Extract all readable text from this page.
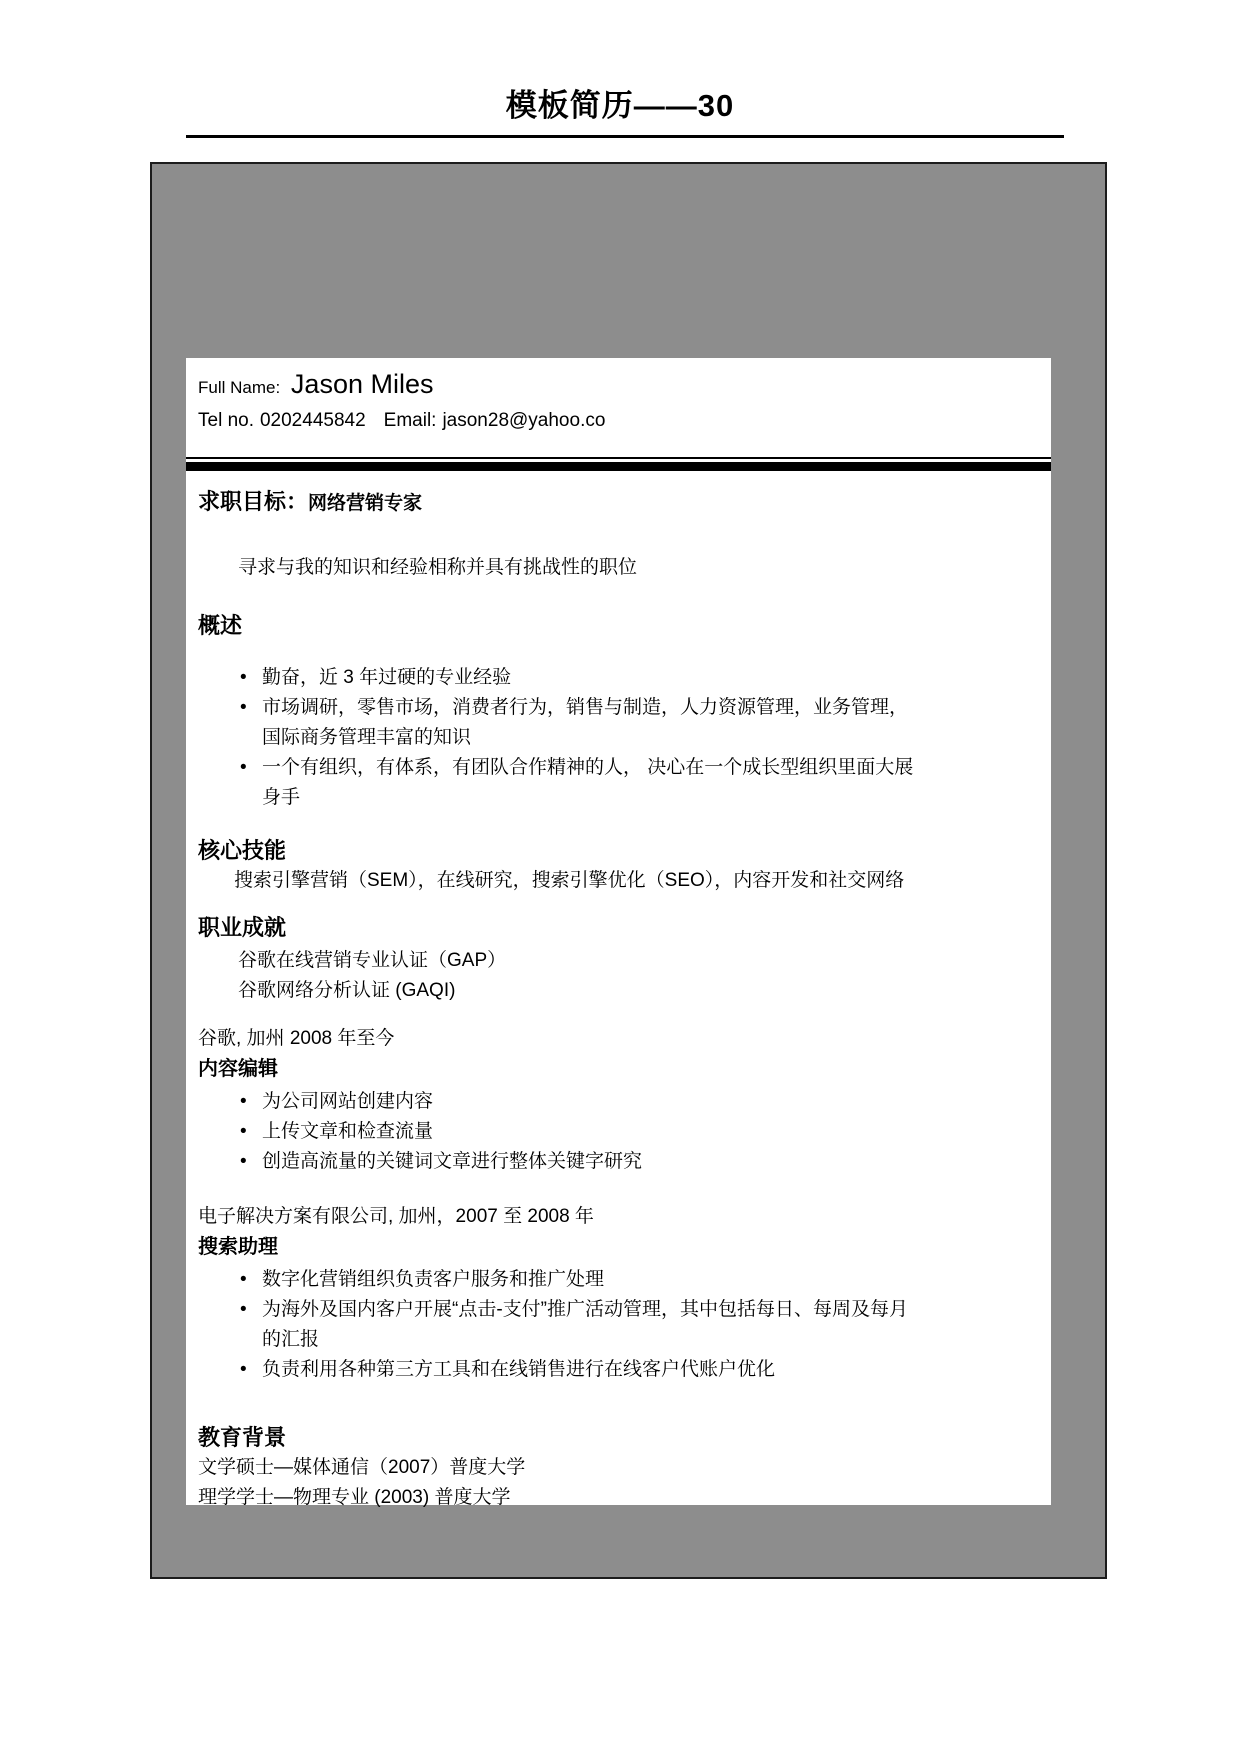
模板简历——30
Full Name: Jason Miles
Tel no. 0202445842 Email: jason28@yahoo.co
求职目标：网络营销专家
寻求与我的知识和经验相称并具有挑战性的职位
概述
• 勤奋，近 3 年过硬的专业经验
• 市场调研，零售市场，消费者行为，销售与制造，人力资源管理，业务管理，国际商务管理丰富的知识
• 一个有组织，有体系，有团队合作精神的人， 决心在一个成长型组织里面大展身手
核心技能
搜索引擎营销（SEM），在线研究，搜索引擎优化（SEO），内容开发和社交网络
职业成就
谷歌在线营销专业认证（GAP）
谷歌网络分析认证 (GAQI)
谷歌, 加州 2008 年至今
内容编辑
• 为公司网站创建内容
• 上传文章和检查流量
• 创造高流量的关键词文章进行整体关键字研究
电子解决方案有限公司, 加州，2007 至 2008 年
搜索助理
• 数字化营销组织负责客户服务和推广处理
• 为海外及国内客户开展“点击-支付”推广活动管理，其中包括每日、每周及每月的汇报
• 负责利用各种第三方工具和在线销售进行在线客户代账户优化
教育背景
文学硕士—媒体通信（2007）普度大学
理学学士—物理专业 (2003) 普度大学
